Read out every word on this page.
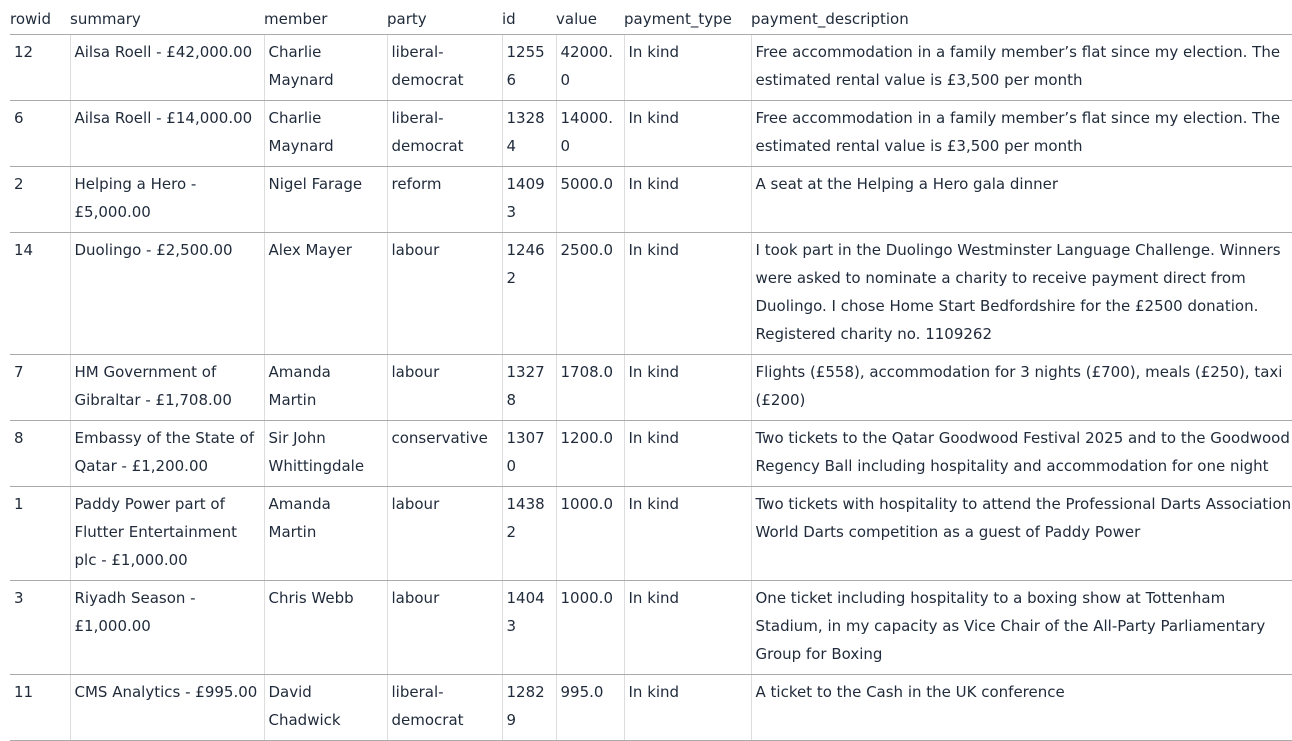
rowid	summary	member	party	id	value	payment_type	payment_description
12	Ailsa Roell - £42,000.00	Charlie Maynard	liberal-democrat	12556	42000.0	In kind	Free accommodation in a family member’s flat since my election. The estimated rental value is £3,500 per month
6	Ailsa Roell - £14,000.00	Charlie Maynard	liberal-democrat	13284	14000.0	In kind	Free accommodation in a family member’s flat since my election. The estimated rental value is £3,500 per month
2	Helping a Hero - £5,000.00	Nigel Farage	reform	14093	5000.0	In kind	A seat at the Helping a Hero gala dinner
14	Duolingo - £2,500.00	Alex Mayer	labour	12462	2500.0	In kind	I took part in the Duolingo Westminster Language Challenge. Winners were asked to nominate a charity to receive payment direct from Duolingo. I chose Home Start Bedfordshire for the £2500 donation. Registered charity no. 1109262
7	HM Government of Gibraltar - £1,708.00	Amanda Martin	labour	13278	1708.0	In kind	Flights (£558), accommodation for 3 nights (£700), meals (£250), taxi (£200)
8	Embassy of the State of Qatar - £1,200.00	Sir John Whittingdale	conservative	13070	1200.0	In kind	Two tickets to the Qatar Goodwood Festival 2025 and to the Goodwood Regency Ball including hospitality and accommodation for one night
1	Paddy Power part of Flutter Entertainment plc - £1,000.00	Amanda Martin	labour	14382	1000.0	In kind	Two tickets with hospitality to attend the Professional Darts Association World Darts competition as a guest of Paddy Power
3	Riyadh Season - £1,000.00	Chris Webb	labour	14043	1000.0	In kind	One ticket including hospitality to a boxing show at Tottenham Stadium, in my capacity as Vice Chair of the All-Party Parliamentary Group for Boxing
11	CMS Analytics - £995.00	David Chadwick	liberal-democrat	12829	995.0	In kind	A ticket to the Cash in the UK conference
